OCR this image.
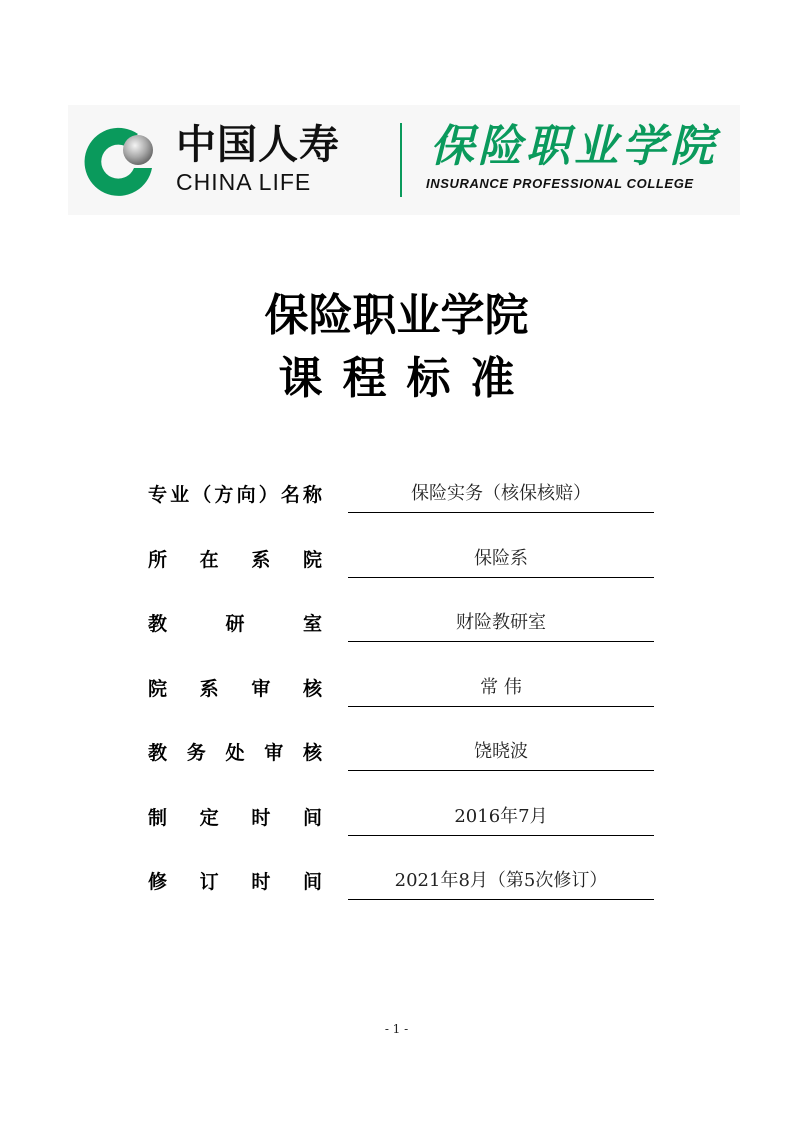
中国人寿
CHINA LIFE
保险职业学院
INSURANCE PROFESSIONAL COLLEGE
保险职业学院
课程标准
专 业 （ 方 向 ） 名 称	保险实务（核保核赔）
所 在 系 院	保险系
教	研	室	财险教研室
院 系 审 核	常 伟
教 务 处 审 核	饶晓波
制 定 时 间	2016年7月
修 订 时 间	2021年8月（第5次修订）
- 1 -
